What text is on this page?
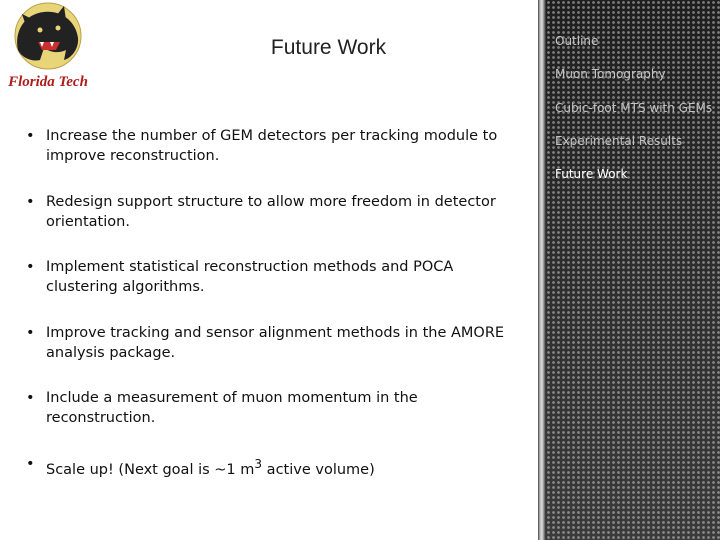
Florida Tech
Future Work
• Increase the number of GEM detectors per tracking module to improve reconstruction.
• Redesign support structure to allow more freedom in detector orientation.
• Implement statistical reconstruction methods and POCA clustering algorithms.
• Improve tracking and sensor alignment methods in the AMORE analysis package.
• Include a measurement of muon momentum in the reconstruction.
• Scale up! (Next goal is ~1 $m^3$ active volume)
Outline
Muon Tomography
Cubic-foot MTS with GEMs
Experimental Results
Future Work
